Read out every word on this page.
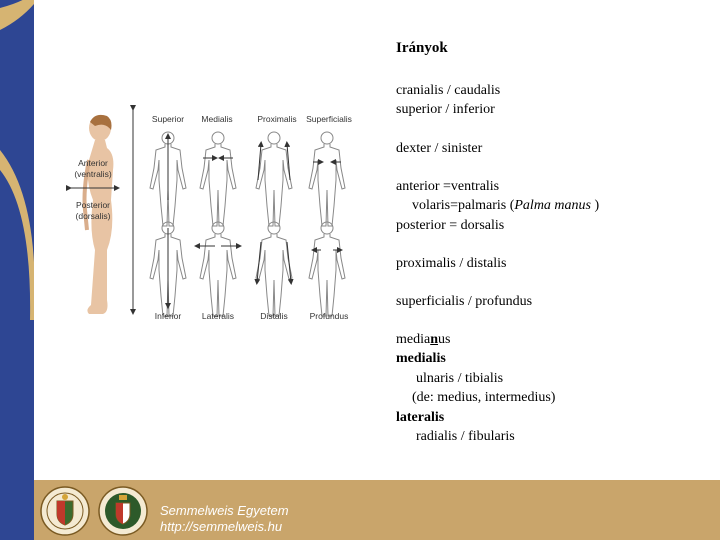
Irányok
cranialis / caudalis
superior / inferior
dexter / sinister
anterior =ventralis
volaris=palmaris (Palma manus )
posterior = dorsalis
proximalis / distalis
superficialis / profundus
medianus
medialis
ulnaris / tibialis
(de: medius, intermedius)
lateralis
radialis / fibularis
Anterior
(ventralis)
Posterior
(dorsalis)
Superior Medialis	Proximalis Superficialis
Inferior Lateralis	Distalis	Profundus
Semmelweis Egyetem
http://semmelweis.hu
